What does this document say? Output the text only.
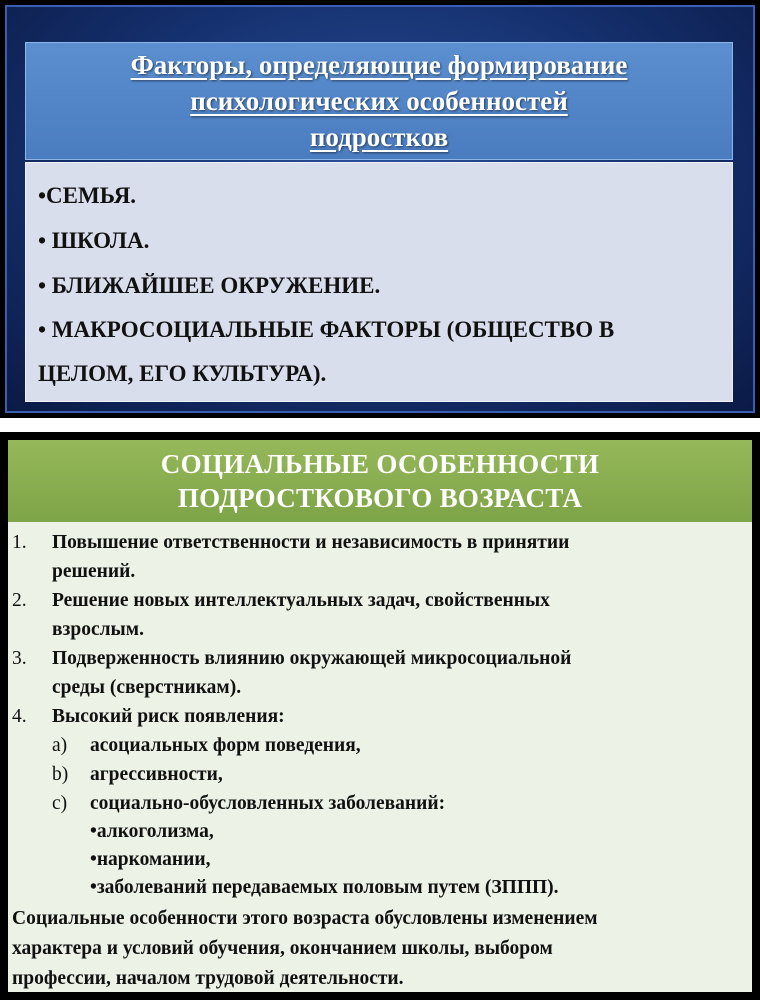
Факторы, определяющие формирование
психологических особенностей
подростков
•СЕМЬЯ.
• ШКОЛА.
• БЛИЖАЙШЕЕ ОКРУЖЕНИЕ.
• МАКРОСОЦИАЛЬНЫЕ ФАКТОРЫ (ОБЩЕСТВО В
ЦЕЛОМ, ЕГО КУЛЬТУРА).
СОЦИАЛЬНЫЕ ОСОБЕННОСТИ
ПОДРОСТКОВОГО ВОЗРАСТА
1. Повышение ответственности и независимость в принятии
решений.
2. Решение новых интеллектуальных задач, свойственных
взрослым.
3. Подверженность влиянию окружающей микросоциальной
среды (сверстникам).
4. Высокий риск появления:
a) асоциальных форм поведения,
b) агрессивности,
c) социально-обусловленных заболеваний:
•алкоголизма,
•наркомании,
•заболеваний передаваемых половым путем (ЗППП).
Социальные особенности этого возраста обусловлены изменением
характера и условий обучения, окончанием школы, выбором
профессии, началом трудовой деятельности.
